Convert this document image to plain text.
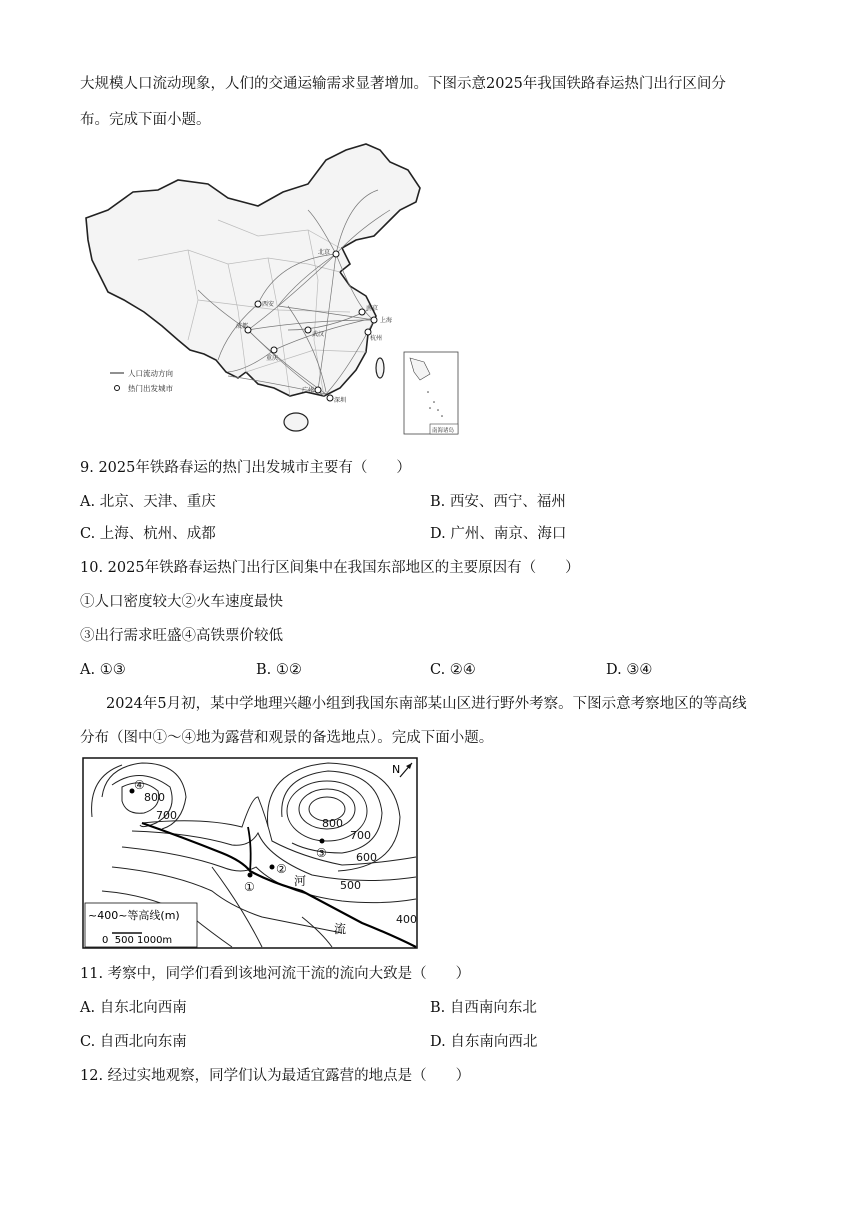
大规模人口流动现象，人们的交通运输需求显著增加。下图示意2025年我国铁路春运热门出行区间分
布。完成下面小题。
北京
西安
成都
重庆
武汉
南京
上海
杭州
广州
深圳
人口流动方向
热门出发城市
南海诸岛
9. 2025年铁路春运的热门出发城市主要有（　　）
A. 北京、天津、重庆	B. 西安、西宁、福州
C. 上海、杭州、成都	D. 广州、南京、海口
10. 2025年铁路春运热门出行区间集中在我国东部地区的主要原因有（　　）
①人口密度较大②火车速度最快
③出行需求旺盛④高铁票价较低
A. ①③	B. ①②	C. ②④	D. ③④
2024年5月初，某中学地理兴趣小组到我国东南部某山区进行野外考察。下图示意考察地区的等高线
分布（图中①～④地为露营和观景的备选地点）。完成下面小题。
N
800
700
800
700
600
500
400
①
②
③
④
河
流
~400~等高线(m)
0  500 1000m
11. 考察中，同学们看到该地河流干流的流向大致是（　　）
A. 自东北向西南	B. 自西南向东北
C. 自西北向东南	D. 自东南向西北
12. 经过实地观察，同学们认为最适宜露营的地点是（　　）
